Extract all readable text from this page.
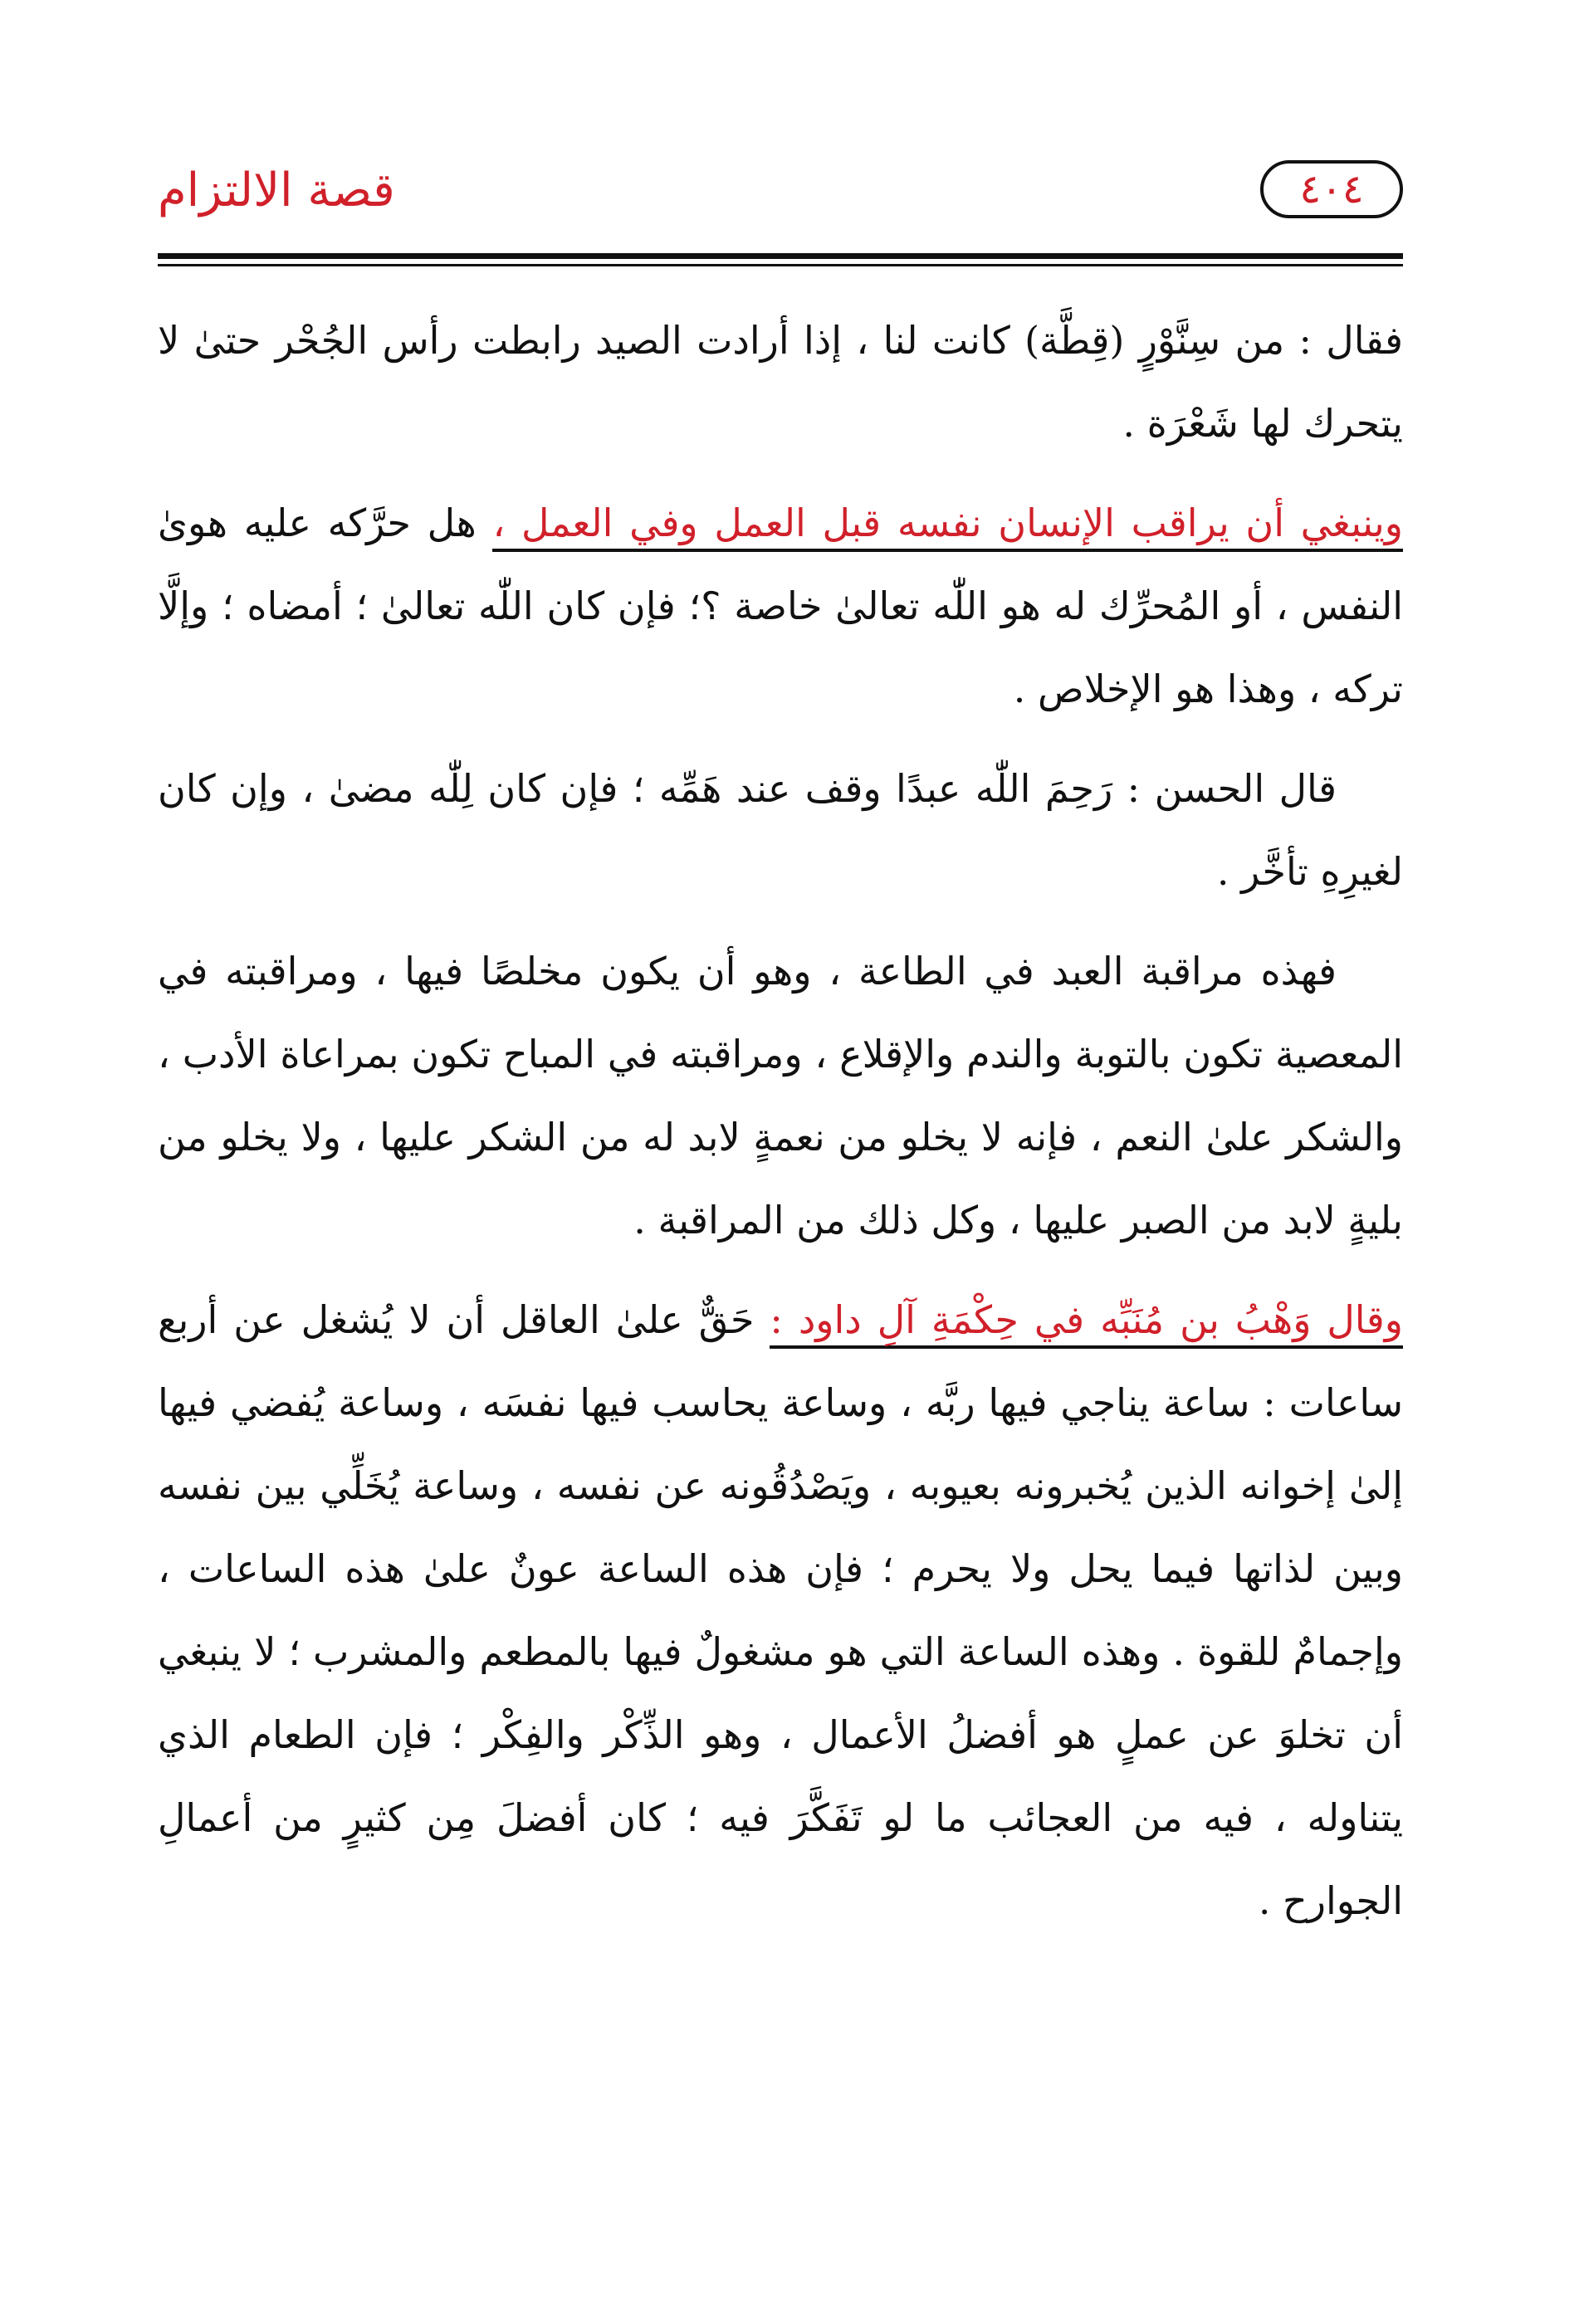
قصة الالتزام	٤٠٤

فقال : من سِنَّوْرٍ (قِطَّة) كانت لنا ، إذا أرادت الصيد رابطت رأس الجُحْر حتىٰ لا يتحرك لها شَعْرَة .

وينبغي أن يراقب الإنسان نفسه قبل العمل وفي العمل ، هل حرَّكه عليه هوىٰ النفس ، أو المُحرِّك له هو اللّٰه تعالىٰ خاصة ؟؛ فإن كان اللّٰه تعالىٰ ؛ أمضاه ؛ وإلَّا تركه ، وهذا هو الإخلاص .

قال الحسن : رَحِمَ اللّٰه عبدًا وقف عند هَمِّه ؛ فإن كان لِلّٰه مضىٰ ، وإن كان لغيرِهِ تأخَّر .

فهذه مراقبة العبد في الطاعة ، وهو أن يكون مخلصًا فيها ، ومراقبته في المعصية تكون بالتوبة والندم والإقلاع ، ومراقبته في المباح تكون بمراعاة الأدب ، والشكر علىٰ النعم ، فإنه لا يخلو من نعمةٍ لابد له من الشكر عليها ، ولا يخلو من بليةٍ لابد من الصبر عليها ، وكل ذلك من المراقبة .

وقال وَهْبُ بن مُنَبِّه في حِكْمَةِ آلِ داود : حَقٌّ علىٰ العاقل أن لا يُشغل عن أربع ساعات : ساعة يناجي فيها ربَّه ، وساعة يحاسب فيها نفسَه ، وساعة يُفضي فيها إلىٰ إخوانه الذين يُخبرونه بعيوبه ، ويَصْدُقُونه عن نفسه ، وساعة يُخَلِّي بين نفسه وبين لذاتها فيما يحل ولا يحرم ؛ فإن هذه الساعة عونٌ علىٰ هذه الساعات ، وإجمامٌ للقوة . وهذه الساعة التي هو مشغولٌ فيها بالمطعم والمشرب ؛ لا ينبغي أن تخلوَ عن عملٍ هو أفضلُ الأعمال ، وهو الذِّكْر والفِكْر ؛ فإن الطعام الذي يتناوله ، فيه من العجائب ما لو تَفَكَّرَ فيه ؛ كان أفضلَ مِن كثيرٍ من أعمالِ الجوارح .
